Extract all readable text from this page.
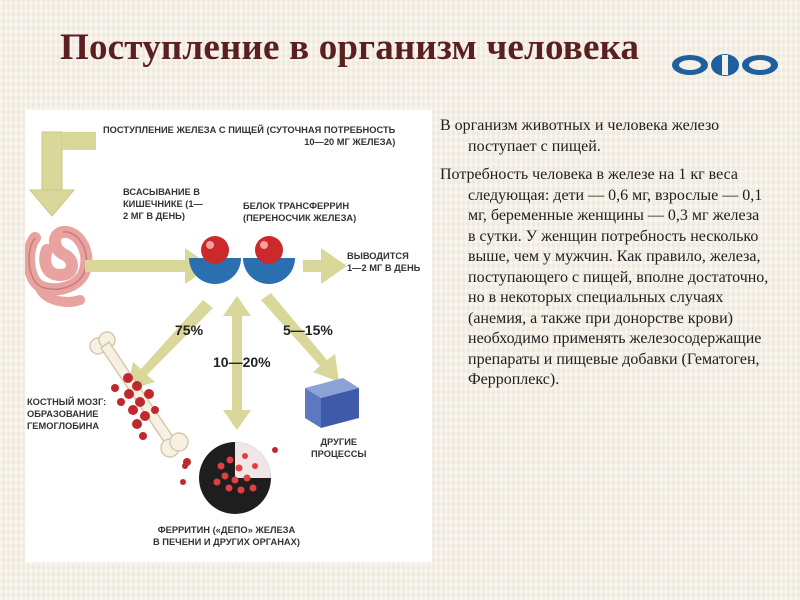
Поступление в организм человека
ПОСТУПЛЕНИЕ ЖЕЛЕЗА С ПИЩЕЙ (СУТОЧНАЯ ПОТРЕБНОСТЬ
10—20 МГ ЖЕЛЕЗА)
ВСАСЫВАНИЕ В
КИШЕЧНИКЕ (1—
2 МГ В ДЕНЬ)
БЕЛОК ТРАНСФЕРРИН
(ПЕРЕНОСЧИК ЖЕЛЕЗА)
ВЫВОДИТСЯ
1—2 МГ В ДЕНЬ
КОСТНЫЙ МОЗГ:
ОБРАЗОВАНИЕ
ГЕМОГЛОБИНА
ДРУГИЕ
ПРОЦЕССЫ
ФЕРРИТИН («ДЕПО» ЖЕЛЕЗА
В ПЕЧЕНИ И ДРУГИХ ОРГАНАХ)
75%
10—20%
5—15%

В организм животных и человека железо поступает с пищей.

Потребность человека в железе на 1 кг веса следующая: дети — 0,6 мг, взрослые — 0,1 мг, беременные женщины — 0,3 мг железа в сутки. У женщин потребность несколько выше, чем у мужчин. Как правило, железа, поступающего с пищей, вполне достаточно, но в некоторых специальных случаях (анемия, а также при донорстве крови) необходимо применять железосодержащие препараты и пищевые добавки (Гематоген, Ферроплекс).
